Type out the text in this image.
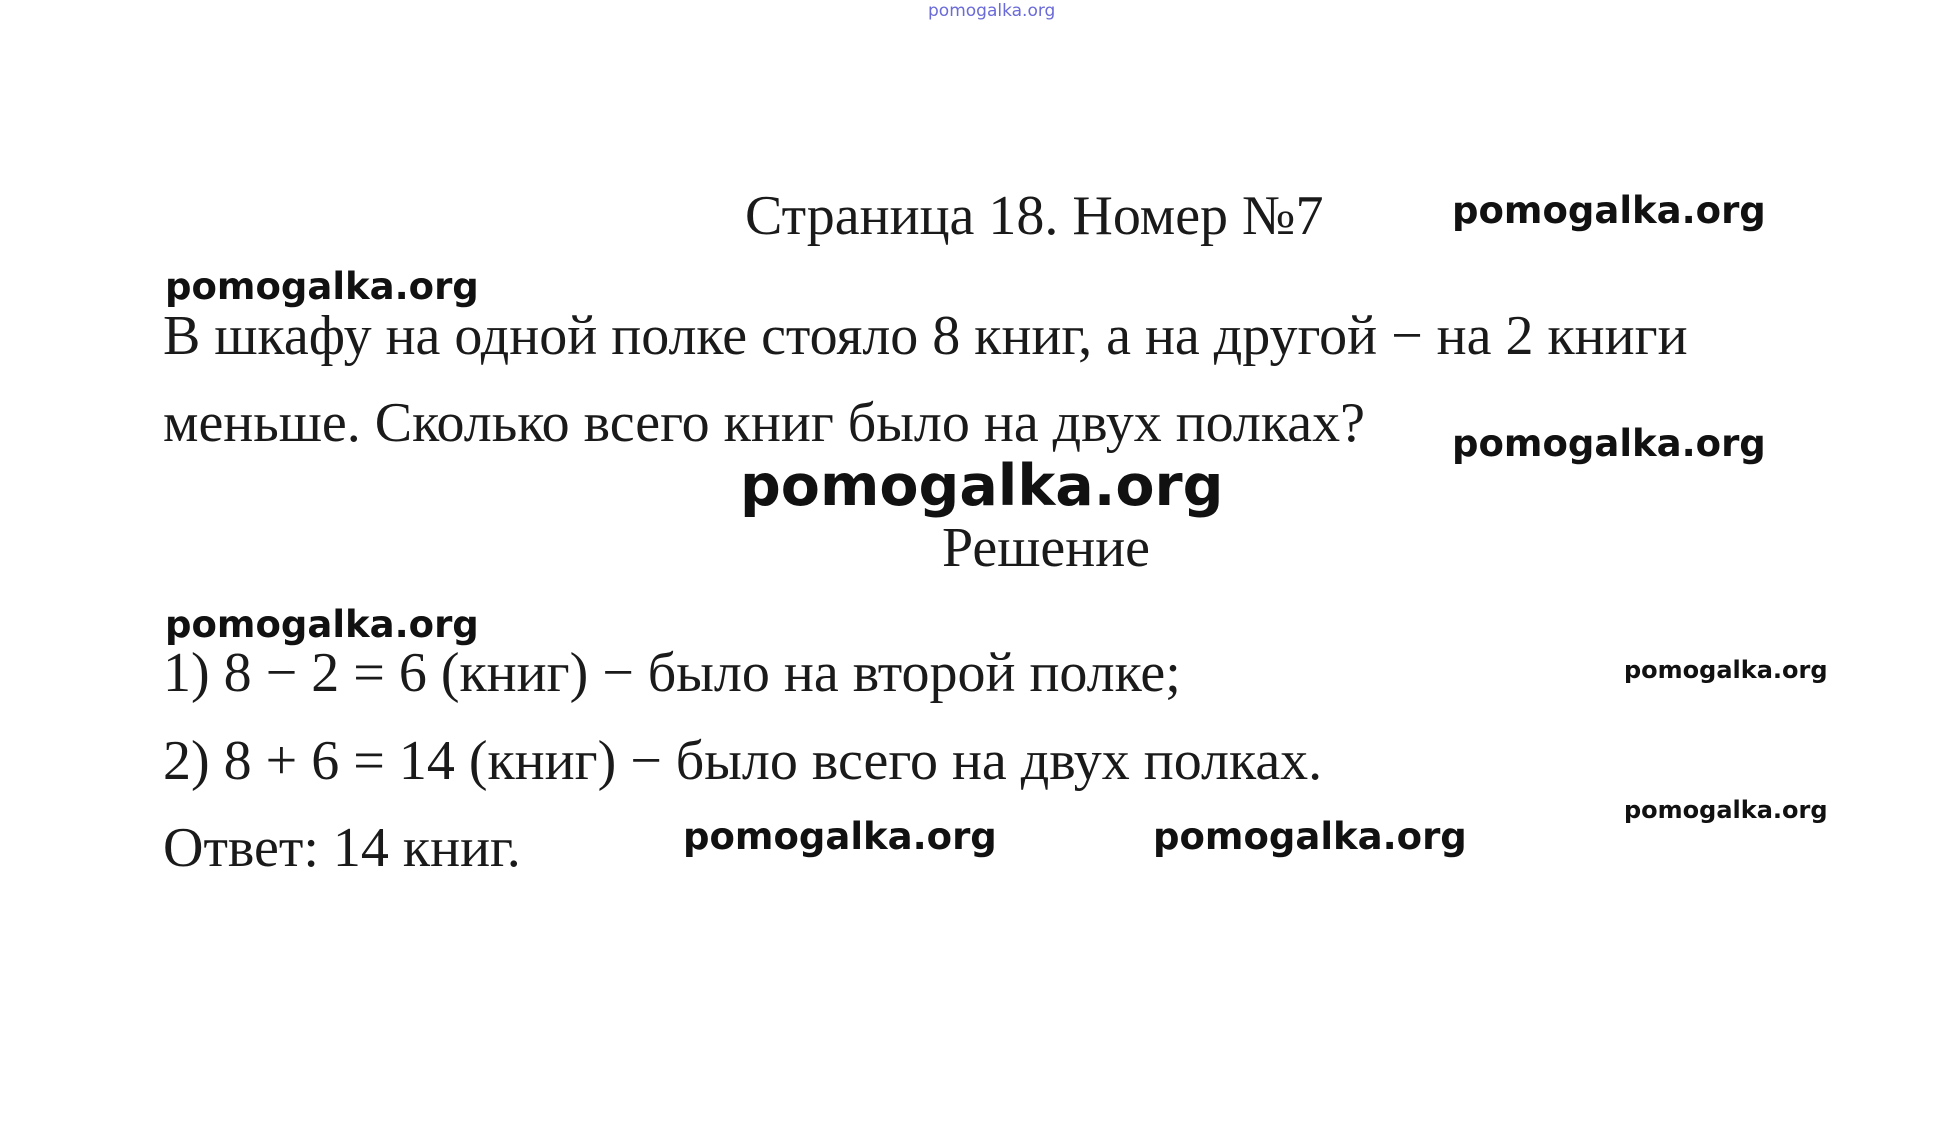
pomogalka.org
Страница 18. Номер №7	pomogalka.org
pomogalka.org
В шкафу на одной полке стояло 8 книг, а на другой − на 2 книги
меньше. Сколько всего книг было на двух полках? pomogalka.org
pomogalka.org
Решение
pomogalka.org
1) 8 − 2 = 6 (книг) − было на второй полке;	pomogalka.org
2) 8 + 6 = 14 (книг) − было всего на двух полках.
pomogalka.org
Ответ: 14 книг.	pomogalka.org	pomogalka.org
